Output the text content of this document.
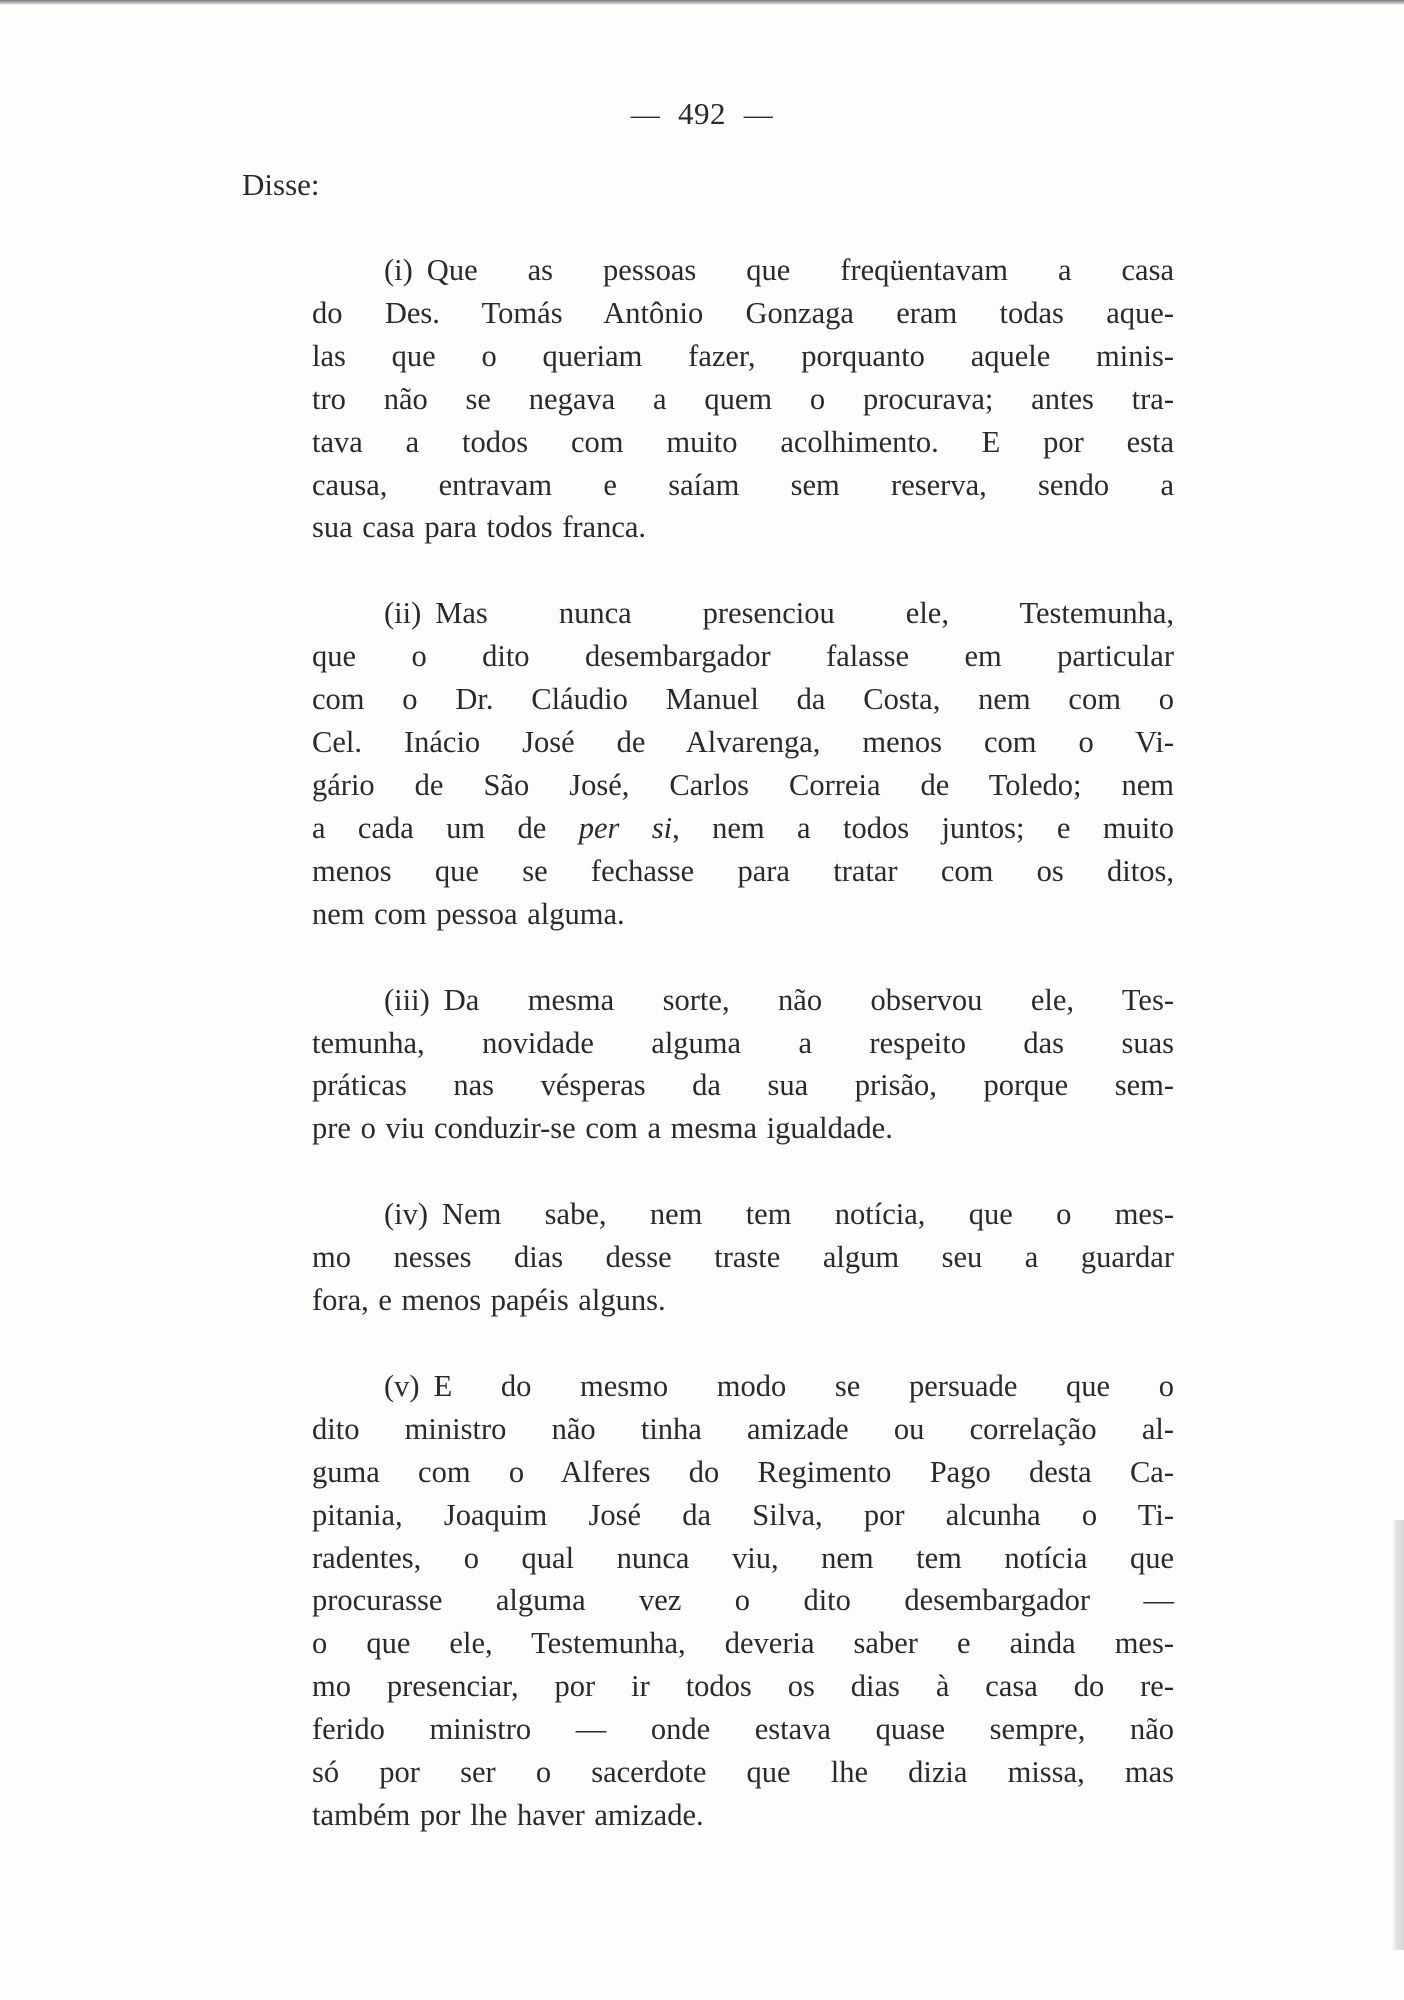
— 492 —
Disse:
(i) Que as pessoas que freqüentavam a casa
do Des. Tomás Antônio Gonzaga eram todas aque-
las que o queriam fazer, porquanto aquele minis-
tro não se negava a quem o procurava; antes tra-
tava a todos com muito acolhimento. E por esta
causa, entravam e saíam sem reserva, sendo a
sua casa para todos franca.
(ii) Mas nunca presenciou ele, Testemunha,
que o dito desembargador falasse em particular
com o Dr. Cláudio Manuel da Costa, nem com o
Cel. Inácio José de Alvarenga, menos com o Vi-
gário de São José, Carlos Correia de Toledo; nem
a cada um de per si, nem a todos juntos; e muito
menos que se fechasse para tratar com os ditos,
nem com pessoa alguma.
(iii) Da mesma sorte, não observou ele, Tes-
temunha, novidade alguma a respeito das suas
práticas nas vésperas da sua prisão, porque sem-
pre o viu conduzir-se com a mesma igualdade.
(iv) Nem sabe, nem tem notícia, que o mes-
mo nesses dias desse traste algum seu a guardar
fora, e menos papéis alguns.
(v) E do mesmo modo se persuade que o
dito ministro não tinha amizade ou correlação al-
guma com o Alferes do Regimento Pago desta Ca-
pitania, Joaquim José da Silva, por alcunha o Ti-
radentes, o qual nunca viu, nem tem notícia que
procurasse alguma vez o dito desembargador —
o que ele, Testemunha, deveria saber e ainda mes-
mo presenciar, por ir todos os dias à casa do re-
ferido ministro — onde estava quase sempre, não
só por ser o sacerdote que lhe dizia missa, mas
também por lhe haver amizade.
